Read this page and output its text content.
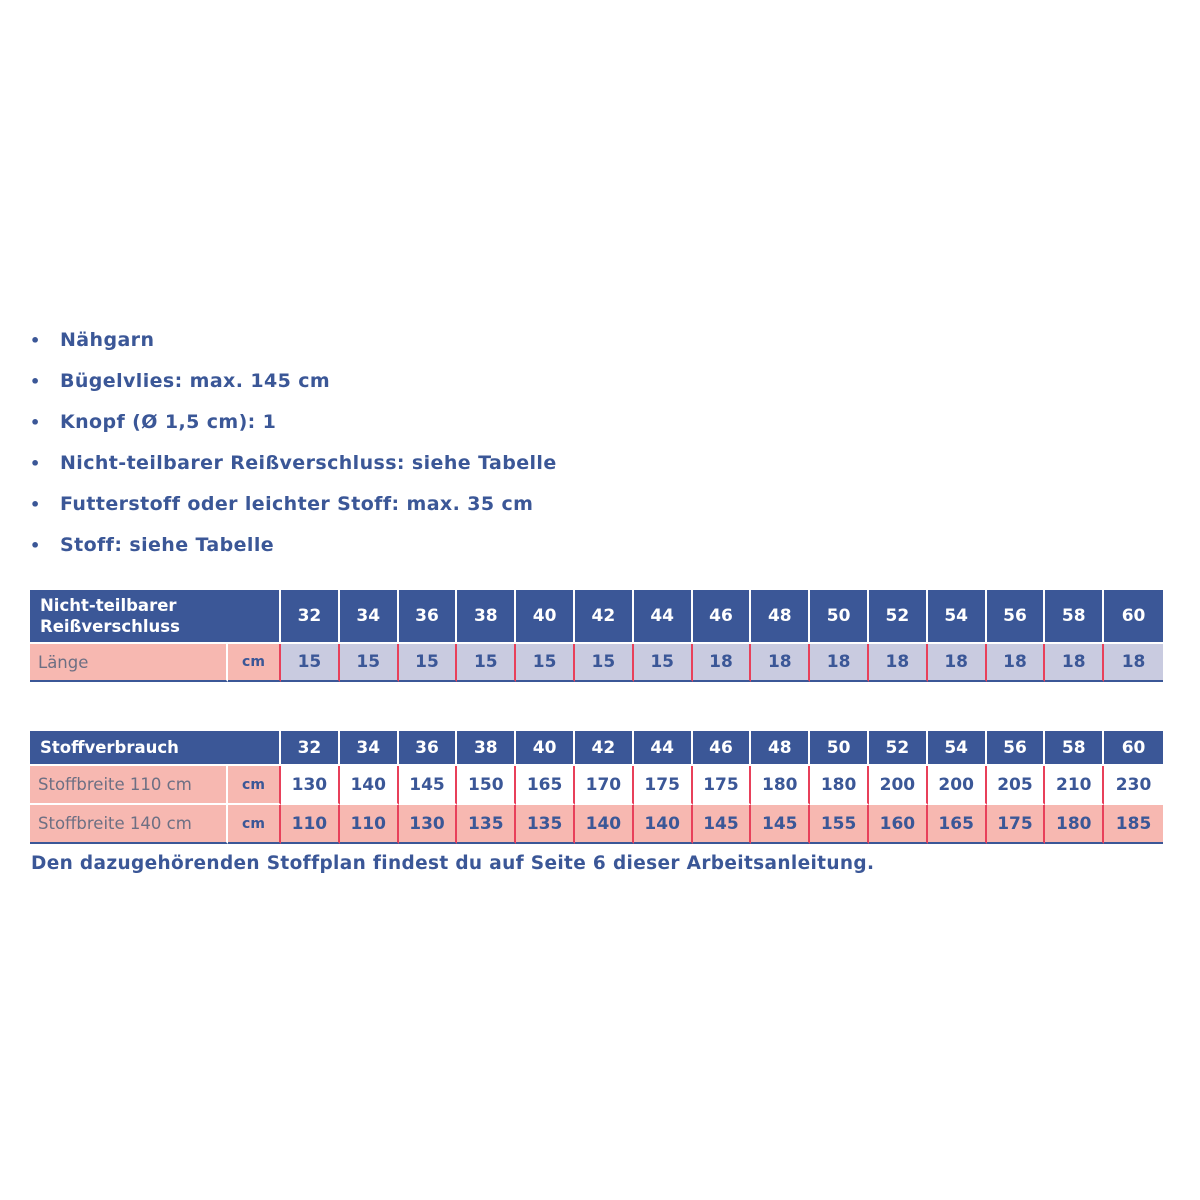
• Nähgarn
• Bügelvlies: max. 145 cm
• Knopf (Ø 1,5 cm): 1
• Nicht-teilbarer Reißverschluss: siehe Tabelle
• Futterstoff oder leichter Stoff: max. 35 cm
• Stoff: siehe Tabelle
Nicht-teilbarer
Reißverschluss		32	34	36	38	40	42	44	46	48	50	52	54	56	58	60
Länge	cm	15	15	15	15	15	15	15	18	18	18	18	18	18	18	18
Stoffverbrauch		32	34	36	38	40	42	44	46	48	50	52	54	56	58	60
Stoffbreite 110 cm	cm	130	140	145	150	165	170	175	175	180	180	200	200	205	210	230
Stoffbreite 140 cm	cm	110	110	130	135	135	140	140	145	145	155	160	165	175	180	185

Den dazugehörenden Stoffplan findest du auf Seite 6 dieser Arbeitsanleitung.
